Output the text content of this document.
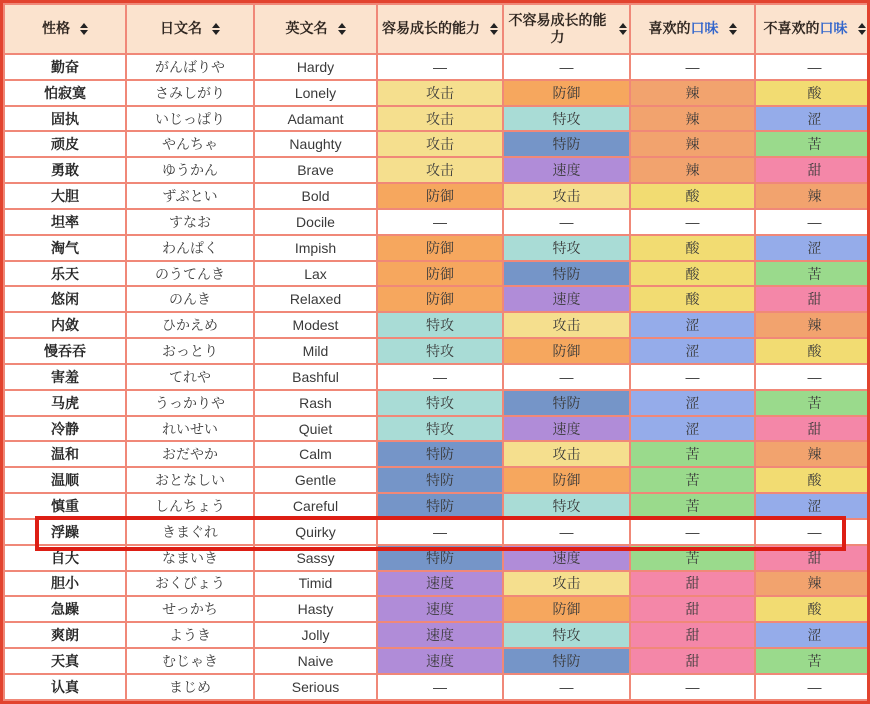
性格	日文名	英文名	容易成长的能力	不容易成长的能力	喜欢的口味	不喜欢的口味

勤奋	がんばりや	Hardy	—	—	—	—
怕寂寞	さみしがり	Lonely	攻击	防御	辣	酸
固执	いじっぱり	Adamant	攻击	特攻	辣	涩
顽皮	やんちゃ	Naughty	攻击	特防	辣	苦
勇敢	ゆうかん	Brave	攻击	速度	辣	甜
大胆	ずぶとい	Bold	防御	攻击	酸	辣
坦率	すなお	Docile	—	—	—	—
淘气	わんぱく	Impish	防御	特攻	酸	涩
乐天	のうてんき	Lax	防御	特防	酸	苦
悠闲	のんき	Relaxed	防御	速度	酸	甜
内敛	ひかえめ	Modest	特攻	攻击	涩	辣
慢吞吞	おっとり	Mild	特攻	防御	涩	酸
害羞	てれや	Bashful	—	—	—	—
马虎	うっかりや	Rash	特攻	特防	涩	苦
冷静	れいせい	Quiet	特攻	速度	涩	甜
温和	おだやか	Calm	特防	攻击	苦	辣
温顺	おとなしい	Gentle	特防	防御	苦	酸
慎重	しんちょう	Careful	特防	特攻	苦	涩
浮躁	きまぐれ	Quirky	—	—	—	—
自大	なまいき	Sassy	特防	速度	苦	甜
胆小	おくびょう	Timid	速度	攻击	甜	辣
急躁	せっかち	Hasty	速度	防御	甜	酸
爽朗	ようき	Jolly	速度	特攻	甜	涩
天真	むじゃき	Naive	速度	特防	甜	苦
认真	まじめ	Serious	—	—	—	—
